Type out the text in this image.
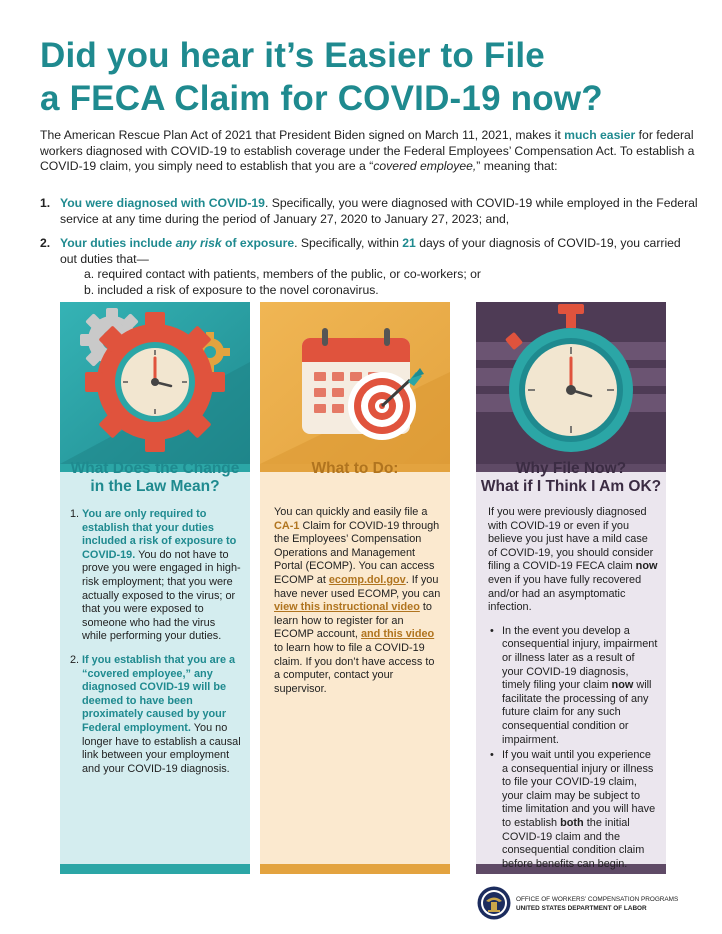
Did you hear it’s Easier to File
a FECA Claim for COVID-19 now?
The American Rescue Plan Act of 2021 that President Biden signed on March 11, 2021, makes it much easier for federal workers diagnosed with COVID-19 to establish coverage under the Federal Employees’ Compensation Act. To establish a COVID-19 claim, you simply need to establish that you are a “covered employee,” meaning that:
1. You were diagnosed with COVID-19. Specifically, you were diagnosed with COVID-19 while employed in the Federal service at any time during the period of January 27, 2020 to January 27, 2023; and,
2. Your duties include any risk of exposure. Specifically, within 21 days of your diagnosis of COVID-19, you carried out duties that—
a. required contact with patients, members of the public, or co-workers; or
b. included a risk of exposure to the novel coronavirus.
What Does the Change
in the Law Mean?
1. You are only required to establish that your duties included a risk of exposure to COVID-19. You do not have to prove you were engaged in high-risk employment; that you were actually exposed to the virus; or that you were exposed to someone who had the virus while performing your duties.
2. If you establish that you are a “covered employee,” any diagnosed COVID-19 will be deemed to have been proximately caused by your Federal employment. You no longer have to establish a causal link between your employment and your COVID-19 diagnosis.
What to Do:
You can quickly and easily file a CA-1 Claim for COVID-19 through the Employees’ Compensation Operations and Management Portal (ECOMP). You can access ECOMP at ecomp.dol.gov. If you have never used ECOMP, you can view this instructional video to learn how to register for an ECOMP account, and this video to learn how to file a COVID-19 claim. If you don’t have access to a computer, contact your supervisor.
Why File Now?
What if I Think I Am OK?
If you were previously diagnosed with COVID-19 or even if you believe you just have a mild case of COVID-19, you should consider filing a COVID-19 FECA claim now even if you have fully recovered and/or had an asymptomatic infection.
• In the event you develop a consequential injury, impairment or illness later as a result of your COVID-19 diagnosis, timely filing your claim now will facilitate the processing of any future claim for any such consequential condition or impairment.
• If you wait until you experience a consequential injury or illness to file your COVID-19 claim, your claim may be subject to time limitation and you will have to establish both the initial COVID-19 claim and the consequential condition claim before benefits can begin.
OFFICE OF WORKERS’ COMPENSATION PROGRAMS
UNITED STATES DEPARTMENT OF LABOR
